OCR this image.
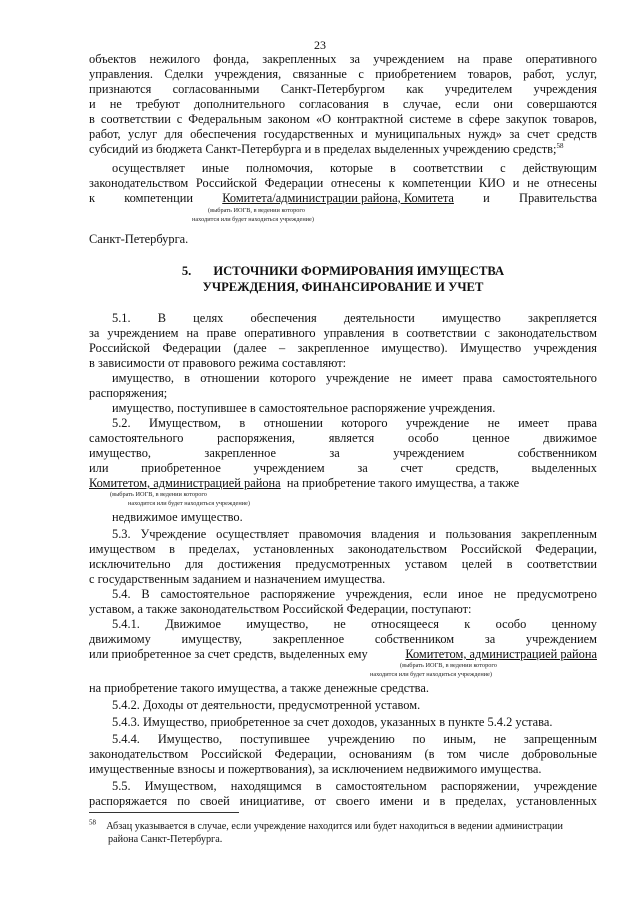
23
объектов нежилого фонда, закрепленных за учреждением на праве оперативного
управления. Сделки учреждения, связанные с приобретением товаров, работ, услуг,
признаются согласованными Санкт-Петербургом как учредителем учреждения
и не требуют дополнительного согласования в случае, если они совершаются
в соответствии с Федеральным законом «О контрактной системе в сфере закупок товаров,
работ, услуг для обеспечения государственных и муниципальных нужд» за счет средств
субсидий из бюджета Санкт-Петербурга и в пределах выделенных учреждению средств;$^{58}$
осуществляет иные полномочия, которые в соответствии с действующим
законодательством Российской Федерации отнесены к компетенции КИО и не отнесены
к компетенции Комитета/администрации района, Комитета и Правительства
(выбрать ИОГВ, в ведении которого
находится или будет находиться учреждение)
Санкт-Петербурга.
5. ИСТОЧНИКИ ФОРМИРОВАНИЯ ИМУЩЕСТВА
УЧРЕЖДЕНИЯ, ФИНАНСИРОВАНИЕ И УЧЕТ
5.1. В целях обеспечения деятельности имущество закрепляется
за учреждением на праве оперативного управления в соответствии с законодательством
Российской Федерации (далее – закрепленное имущество). Имущество учреждения
в зависимости от правового режима составляют:
имущество, в отношении которого учреждение не имеет права самостоятельного
распоряжения;
имущество, поступившее в самостоятельное распоряжение учреждения.
5.2. Имуществом, в отношении которого учреждение не имеет права
самостоятельного	распоряжения,	является	особо	ценное	движимое
имущество,	закрепленное	за	учреждением	собственником
или	приобретенное	учреждением	за	счет	средств,	выделенных
Комитетом, администрацией района на приобретение такого имущества, а также
(выбрать ИОГВ, в ведении которого
находится или будет находиться учреждение)
недвижимое имущество.
5.3. Учреждение осуществляет правомочия владения и пользования закрепленным
имуществом в пределах, установленных законодательством Российской Федерации,
исключительно для достижения предусмотренных уставом целей в соответствии
с государственным заданием и назначением имущества.
5.4. В самостоятельное распоряжение учреждения, если иное не предусмотрено
уставом, а также законодательством Российской Федерации, поступают:
5.4.1. Движимое имущество, не относящееся к особо ценному
движимому имуществу, закрепленное собственником за учреждением
или приобретенное за счет средств, выделенных ему	Комитетом, администрацией района
(выбрать ИОГВ, в ведении которого
находится или будет находиться учреждение)
на приобретение такого имущества, а также денежные средства.
5.4.2. Доходы от деятельности, предусмотренной уставом.
5.4.3. Имущество, приобретенное за счет доходов, указанных в пункте 5.4.2 устава.
5.4.4. Имущество, поступившее учреждению по иным, не запрещенным
законодательством Российской Федерации, основаниям (в том числе добровольные
имущественные взносы и пожертвования), за исключением недвижимого имущества.
5.5. Имуществом, находящимся в самостоятельном распоряжении, учреждение
распоряжается по своей инициативе, от своего имени и в пределах, установленных
$^{58}$ Абзац указывается в случае, если учреждение находится или будет находиться в ведении администрации
района Санкт-Петербурга.
